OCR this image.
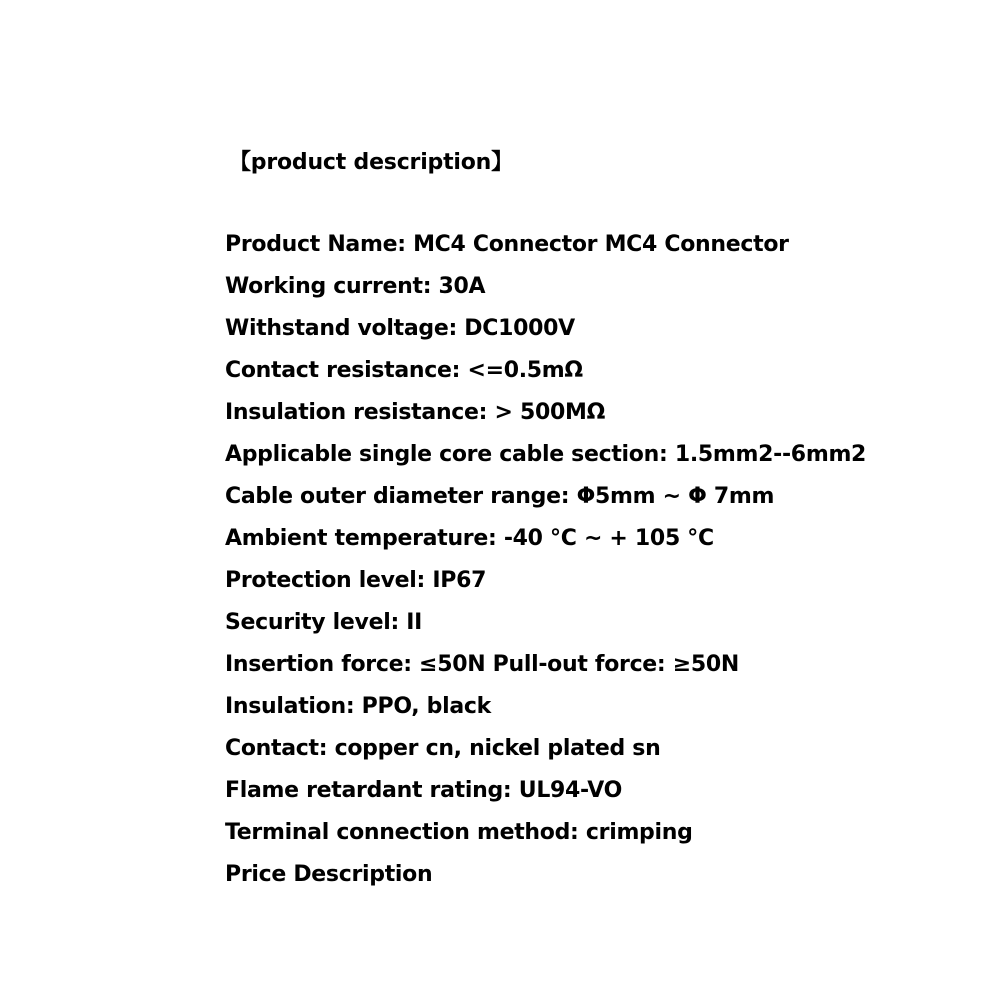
【product description】
Product Name: MC4 Connector MC4 Connector
Working current: 30A
Withstand voltage: DC1000V
Contact resistance: <=0.5mΩ
Insulation resistance: > 500MΩ
Applicable single core cable section: 1.5mm2--6mm2
Cable outer diameter range: Φ5mm ~ Φ 7mm
Ambient temperature: -40 °C ~ + 105 °C
Protection level: IP67
Security level: II
Insertion force: ≤50N Pull-out force: ≥50N
Insulation: PPO, black
Contact: copper cn, nickel plated sn
Flame retardant rating: UL94-VO
Terminal connection method: crimping
Price Description
